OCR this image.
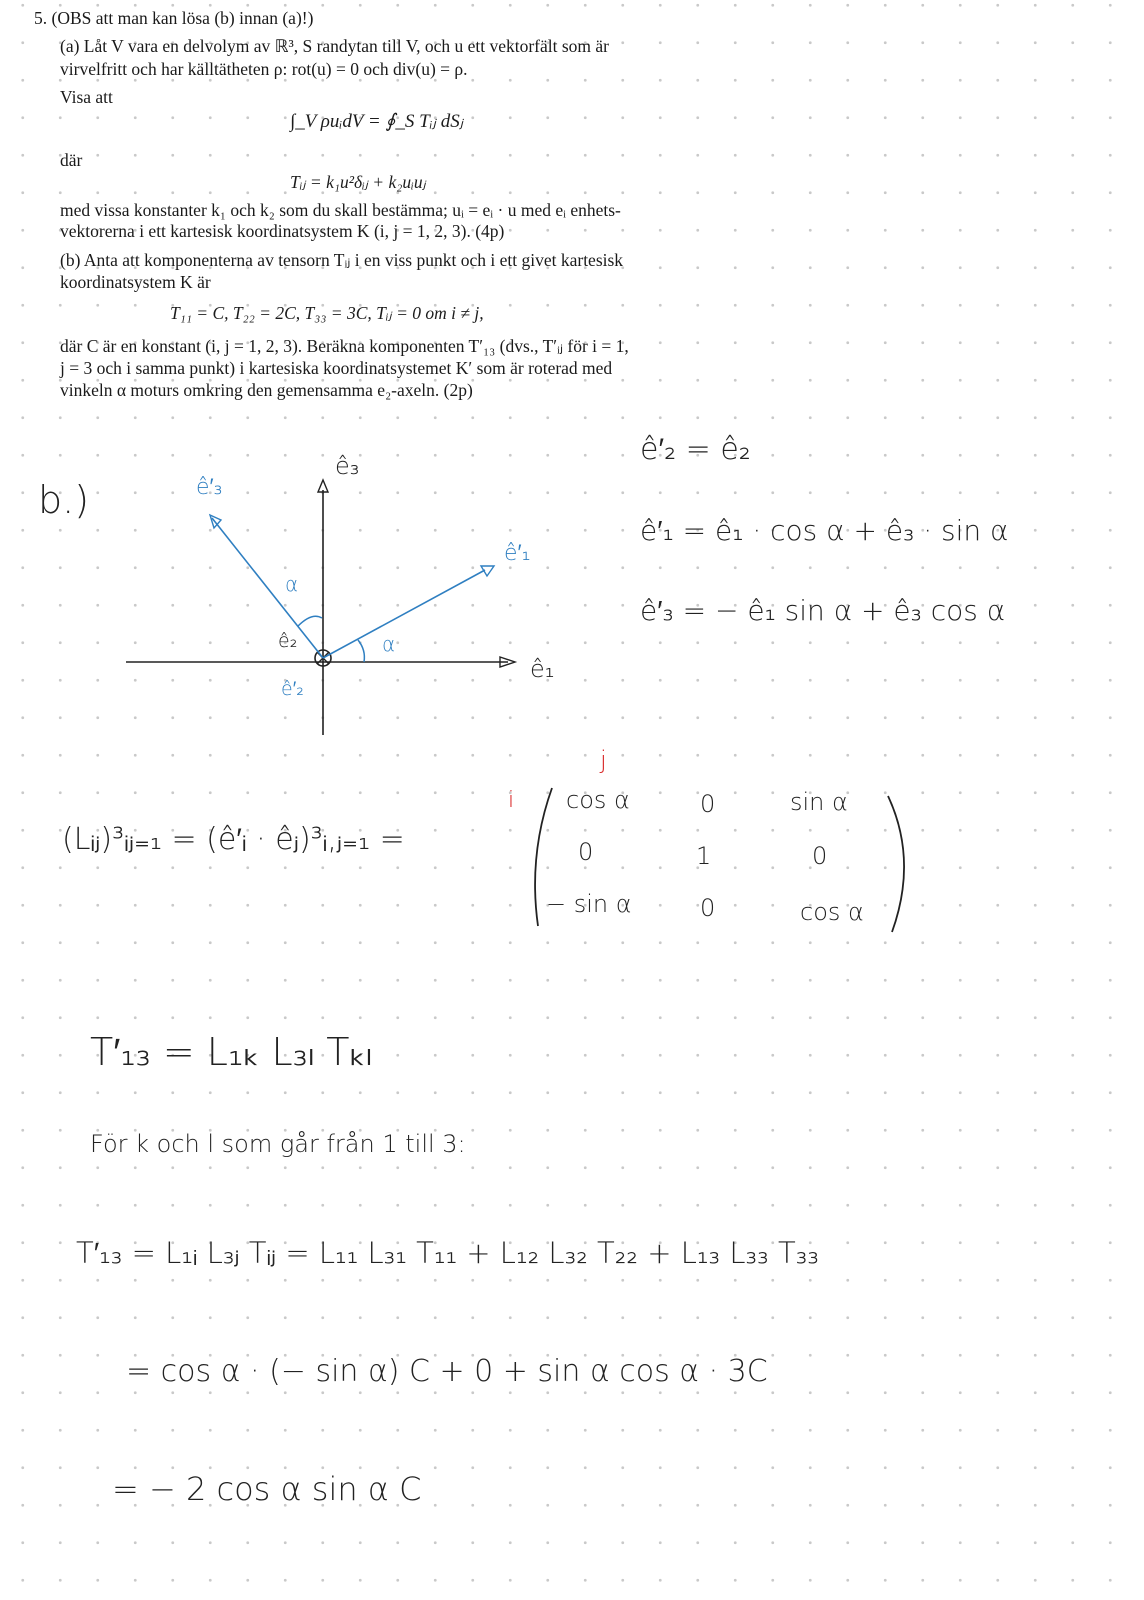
5. (OBS att man kan lösa (b) innan (a)!)
(a) Låt V vara en delvolym av ℝ³, S randytan till V, och u ett vektorfält som är
virvelfritt och har källtätheten ρ: rot(u) = 0 och div(u) = ρ.
Visa att
∫_V ρuᵢdV = ∮_S Tᵢⱼ dSⱼ
där
Tᵢⱼ = k₁u²δᵢⱼ + k₂uᵢuⱼ
med vissa konstanter k₁ och k₂ som du skall bestämma; uᵢ = eᵢ · u med eᵢ enhets-
vektorerna i ett kartesisk koordinatsystem K (i, j = 1, 2, 3). (4p)
(b) Anta att komponenterna av tensorn Tᵢⱼ i en viss punkt och i ett givet kartesisk
koordinatsystem K är
T₁₁ = C, T₂₂ = 2C, T₃₃ = 3C, Tᵢⱼ = 0 om i ≠ j,
där C är en konstant (i, j = 1, 2, 3). Beräkna komponenten T′₁₃ (dvs., T′ᵢⱼ för i = 1,
j = 3 och i samma punkt) i kartesiska koordinatsystemet K′ som är roterad med
vinkeln α moturs omkring den gemensamma e₂-axeln. (2p)
b.)
ê₃
ê₁
ê₂
ê′₂
ê′₃
ê′₁
α
α
ê′₂ = ê₂
ê′₁ = ê₁ · cos α + ê₃ · sin α
ê′₃ = − ê₁ sin α + ê₃ cos α
(Lᵢⱼ)³ᵢⱼ₌₁ = (ê′ᵢ · êⱼ)³ᵢ,ⱼ₌₁ =
j
i cos α	0	sin α
0	1	0
− sin α	0	cos α
T′₁₃ = L₁ₖ L₃ₗ Tₖₗ
För k och l som går från 1 till 3:
T′₁₃ = L₁ᵢ L₃ⱼ Tᵢⱼ = L₁₁ L₃₁ T₁₁ + L₁₂ L₃₂ T₂₂ + L₁₃ L₃₃ T₃₃
= cos α · (− sin α) C + 0 + sin α cos α · 3C
= − 2 cos α sin α C
